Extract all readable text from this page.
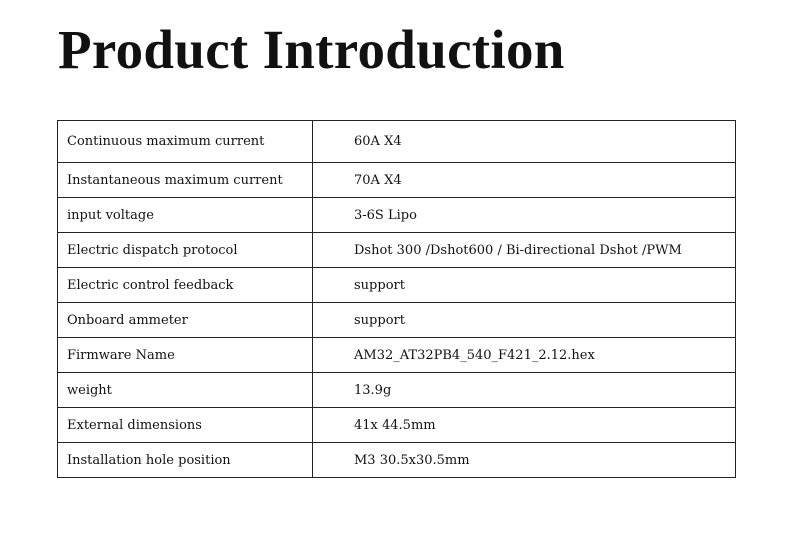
Product Introduction
Continuous maximum current	60A X4
Instantaneous maximum current	70A X4
input voltage	3-6S Lipo
Electric dispatch protocol	Dshot 300 /Dshot600 / Bi-directional Dshot /PWM
Electric control feedback	support
Onboard ammeter	support
Firmware Name	AM32_AT32PB4_540_F421_2.12.hex
weight	13.9g
External dimensions	41x 44.5mm
Installation hole position	M3 30.5x30.5mm
